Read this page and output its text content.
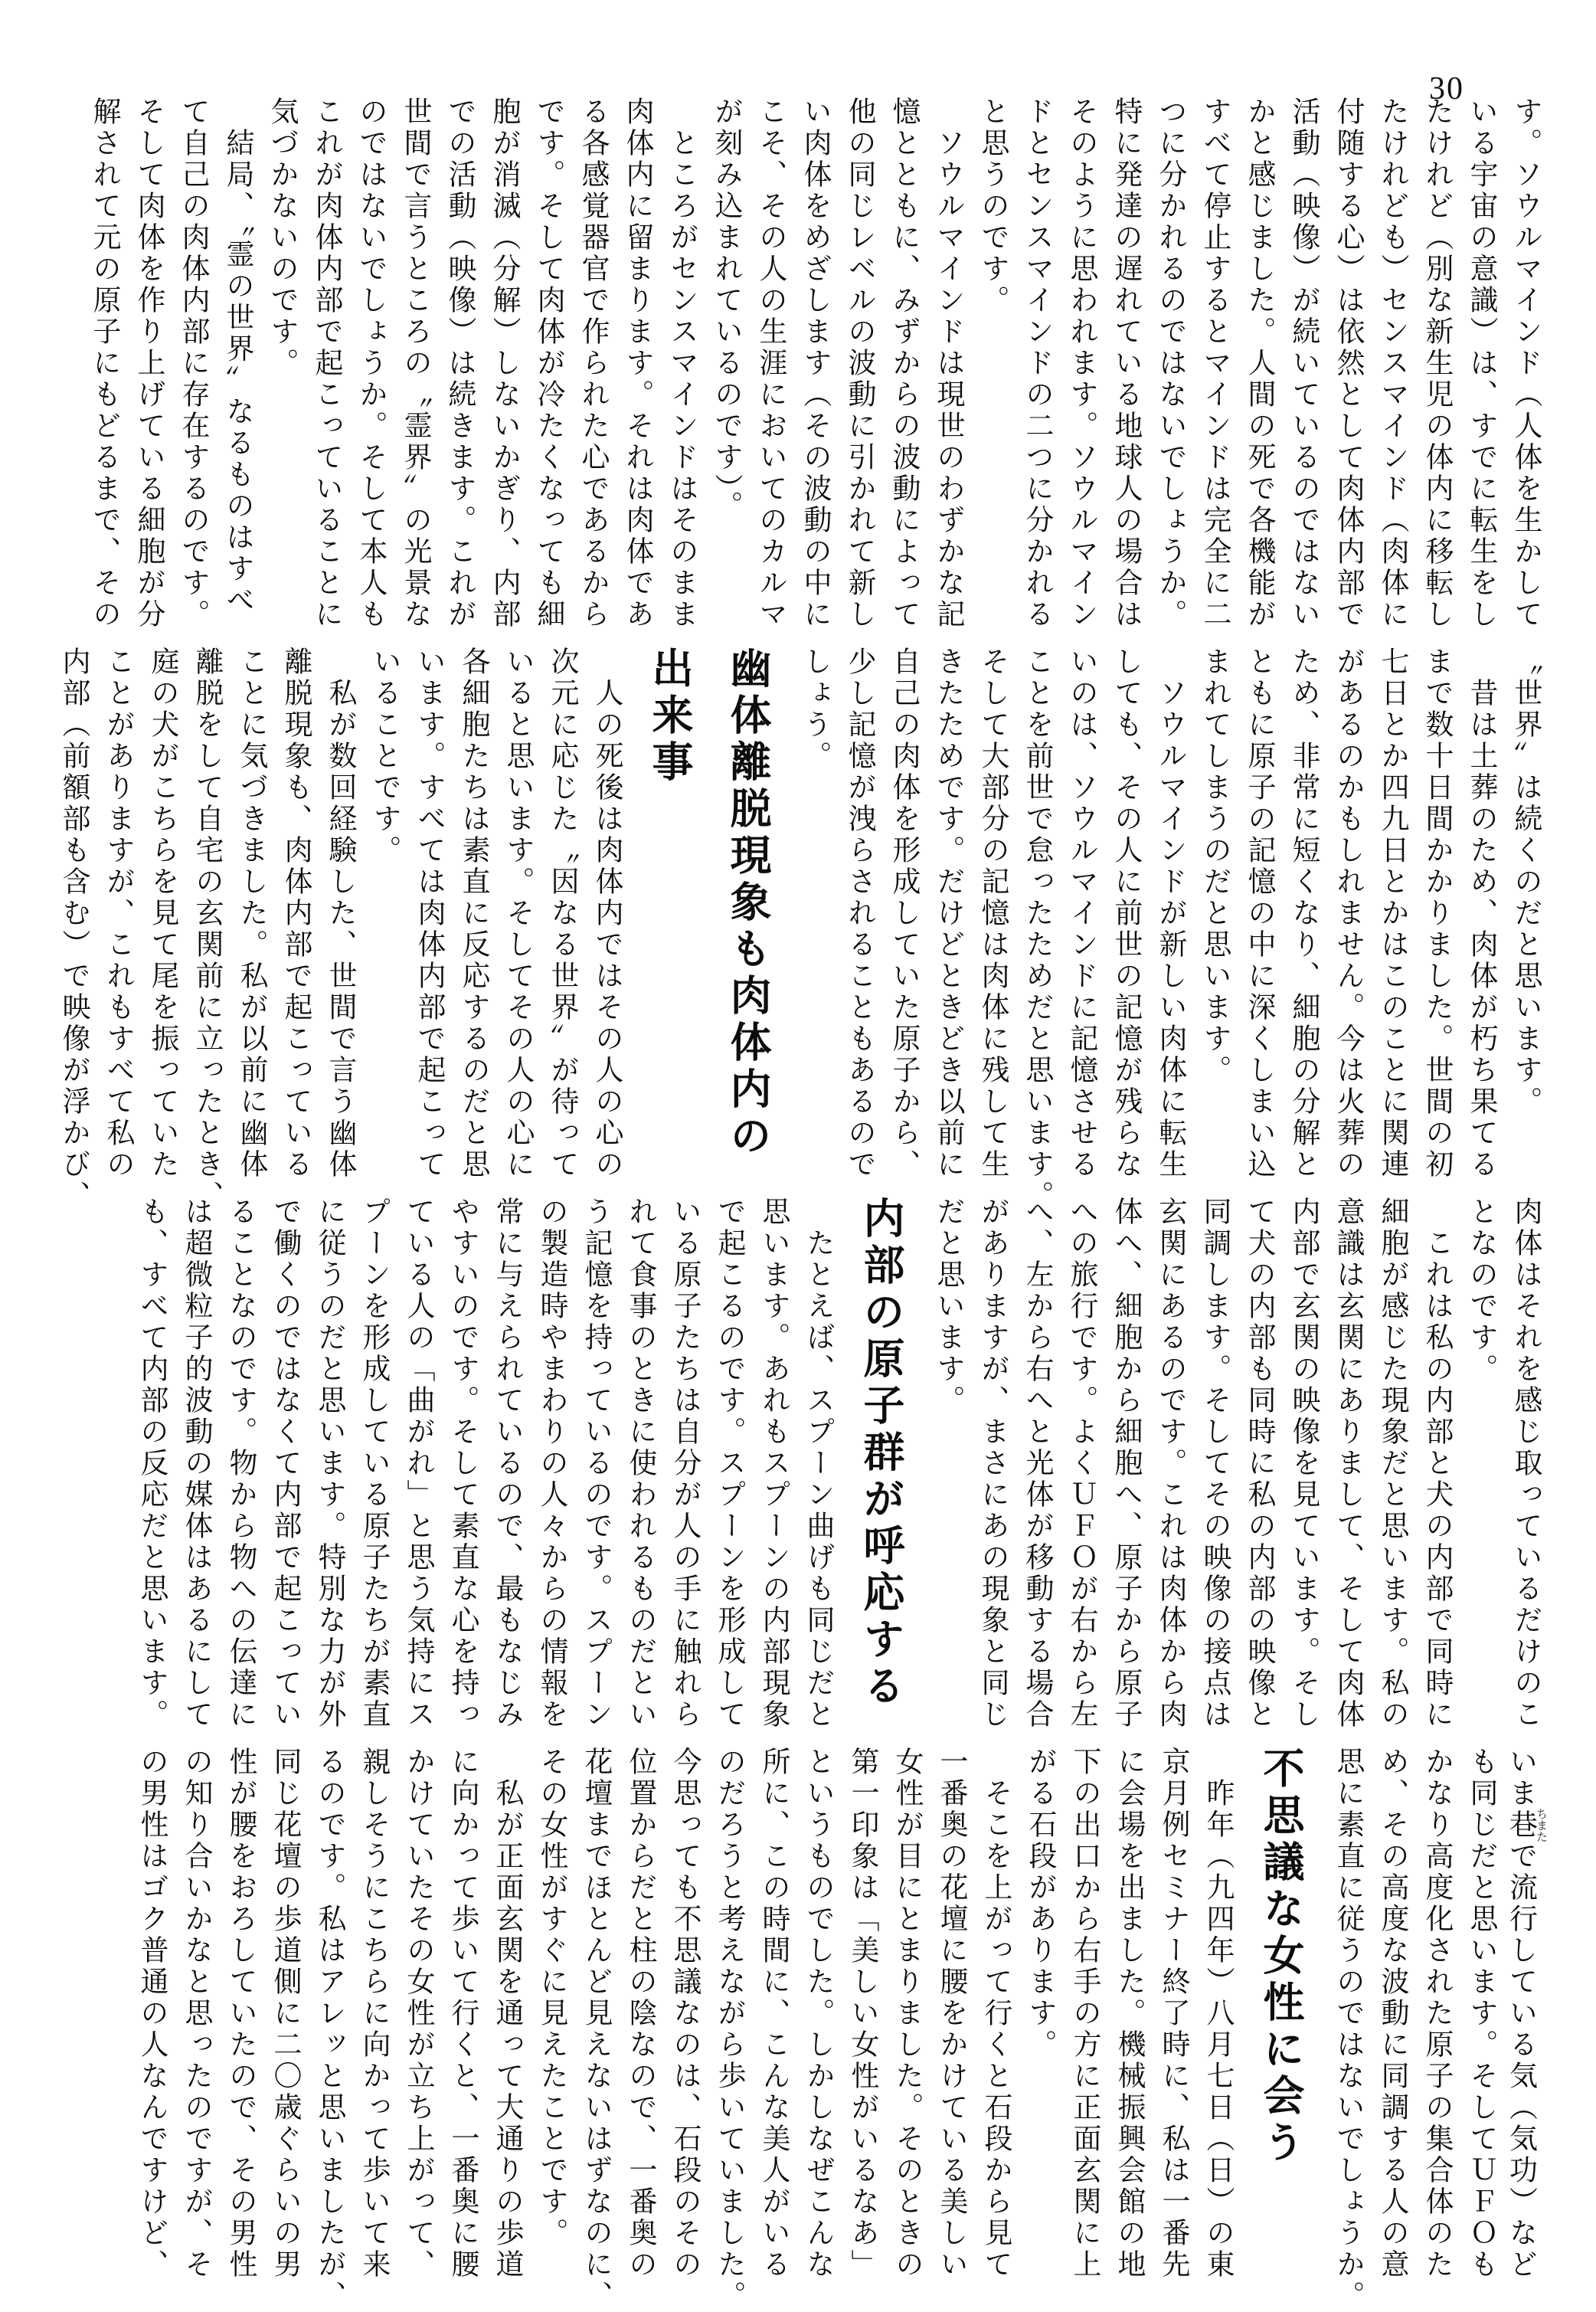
30
す。ソウルマインド（人体を生かして
いる宇宙の意識）は、すでに転生をし
たけれど（別な新生児の体内に移転し
たけれども）センスマインド（肉体に
付随する心）は依然として肉体内部で
活動（映像）が続いているのではない
かと感じました。人間の死で各機能が
すべて停止するとマインドは完全に二
つに分かれるのではないでしょうか。
特に発達の遅れている地球人の場合は
そのように思われます。ソウルマイン
ドとセンスマインドの二つに分かれる
と思うのです。
　ソウルマインドは現世のわずかな記
憶とともに、みずからの波動によって
他の同じレベルの波動に引かれて新し
い肉体をめざします（その波動の中に
こそ、その人の生涯においてのカルマ
が刻み込まれているのです）。
　ところがセンスマインドはそのまま
肉体内に留まります。それは肉体であ
る各感覚器官で作られた心であるから
です。そして肉体が冷たくなっても細
胞が消滅（分解）しないかぎり、内部
での活動（映像）は続きます。これが
世間で言うところの〝霊界〟の光景な
のではないでしょうか。そして本人も
これが肉体内部で起こっていることに
気づかないのです。
　結局、〝霊の世界〟なるものはすべ
て自己の肉体内部に存在するのです。
そして肉体を作り上げている細胞が分
解されて元の原子にもどるまで、その
〝世界〟は続くのだと思います。
　昔は土葬のため、肉体が朽ち果てる
まで数十日間かかりました。世間の初
七日とか四九日とかはこのことに関連
があるのかもしれません。今は火葬の
ため、非常に短くなり、細胞の分解と
ともに原子の記憶の中に深くしまい込
まれてしまうのだと思います。
　ソウルマインドが新しい肉体に転生
しても、その人に前世の記憶が残らな
いのは、ソウルマインドに記憶させる
ことを前世で怠ったためだと思います。
そして大部分の記憶は肉体に残して生
きたためです。だけどときどき以前に
自己の肉体を形成していた原子から、
少し記憶が洩らされることもあるので
しょう。
幽体離脱現象も肉体内の
出来事
　人の死後は肉体内ではその人の心の
次元に応じた〝因なる世界〟が待って
いると思います。そしてその人の心に
各細胞たちは素直に反応するのだと思
います。すべては肉体内部で起こって
いることです。
　私が数回経験した、世間で言う幽体
離脱現象も、肉体内部で起こっている
ことに気づきました。私が以前に幽体
離脱をして自宅の玄関前に立ったとき、
庭の犬がこちらを見て尾を振っていた
ことがありますが、これもすべて私の
内部（前額部も含む）で映像が浮かび、
肉体はそれを感じ取っているだけのこ
となのです。
　これは私の内部と犬の内部で同時に
細胞が感じた現象だと思います。私の
意識は玄関にありまして、そして肉体
内部で玄関の映像を見ています。そし
て犬の内部も同時に私の内部の映像と
同調します。そしてその映像の接点は
玄関にあるのです。これは肉体から肉
体へ、細胞から細胞へ、原子から原子
への旅行です。よくＵＦＯが右から左
へ、左から右へと光体が移動する場合
がありますが、まさにあの現象と同じ
だと思います。
内部の原子群が呼応する
　たとえば、スプーン曲げも同じだと
思います。あれもスプーンの内部現象
で起こるのです。スプーンを形成して
いる原子たちは自分が人の手に触れら
れて食事のときに使われるものだとい
う記憶を持っているのです。スプーン
の製造時やまわりの人々からの情報を
常に与えられているので、最もなじみ
やすいのです。そして素直な心を持っ
ている人の「曲がれ」と思う気持にス
プーンを形成している原子たちが素直
に従うのだと思います。特別な力が外
で働くのではなくて内部で起こってい
ることなのです。物から物への伝達に
は超微粒子的波動の媒体はあるにして
も、すべて内部の反応だと思います。
いま巷ちまたで流行している気（気功）など
も同じだと思います。そしてＵＦＯも
かなり高度化された原子の集合体のた
め、その高度な波動に同調する人の意
思に素直に従うのではないでしょうか。
不思議な女性に会う
　昨年（九四年）八月七日（日）の東
京月例セミナー終了時に、私は一番先
に会場を出ました。機械振興会館の地
下の出口から右手の方に正面玄関に上
がる石段があります。
　そこを上がって行くと石段から見て
一番奥の花壇に腰をかけている美しい
女性が目にとまりました。そのときの
第一印象は「美しい女性がいるなあ」
というものでした。しかしなぜこんな
所に、この時間に、こんな美人がいる
のだろうと考えながら歩いていました。
今思っても不思議なのは、石段のその
位置からだと柱の陰なので、一番奥の
花壇までほとんど見えないはずなのに、
その女性がすぐに見えたことです。
　私が正面玄関を通って大通りの歩道
に向かって歩いて行くと、一番奥に腰
かけていたその女性が立ち上がって、
親しそうにこちらに向かって歩いて来
るのです。私はアレッと思いましたが、
同じ花壇の歩道側に二〇歳ぐらいの男
性が腰をおろしていたので、その男性
の知り合いかなと思ったのですが、そ
の男性はゴク普通の人なんですけど、
